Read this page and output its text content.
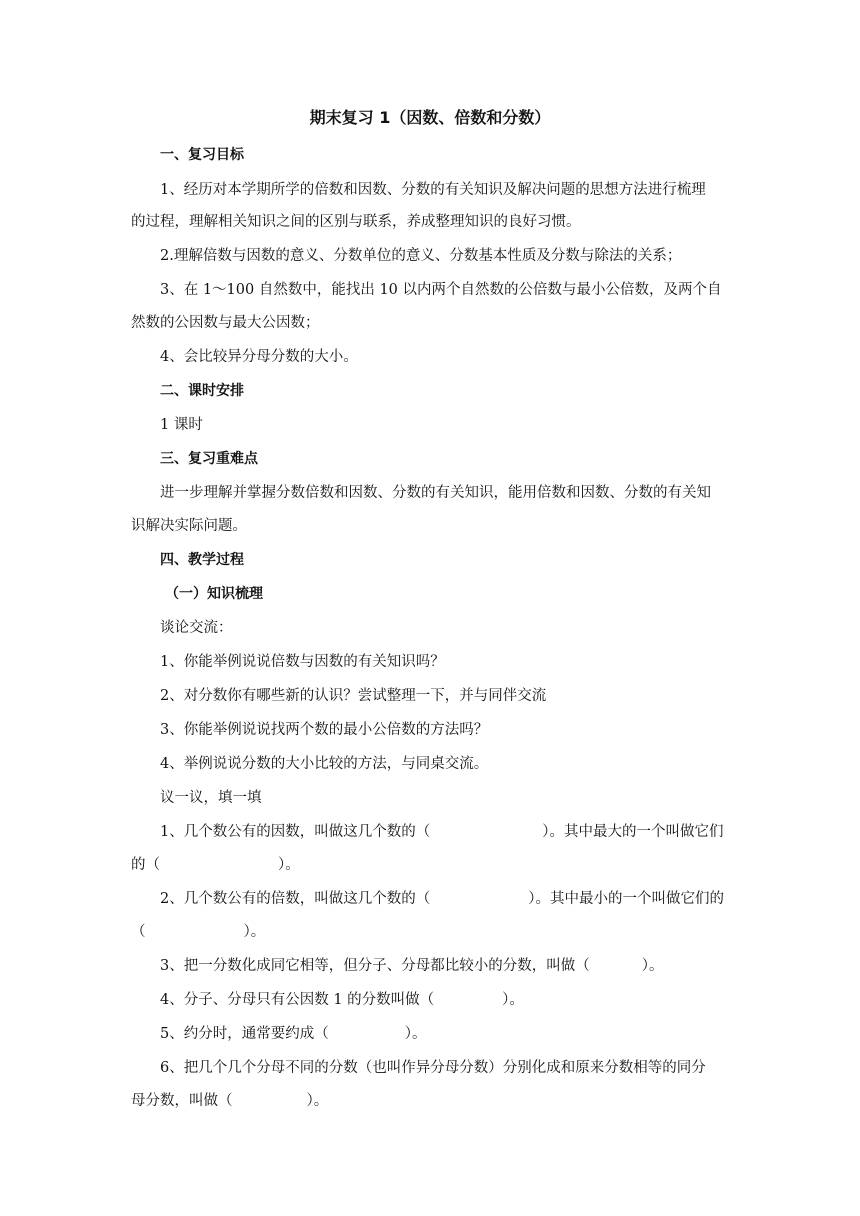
期末复习 1（因数、倍数和分数）
一、复习目标
1、经历对本学期所学的倍数和因数、分数的有关知识及解决问题的思想方法进行梳理
的过程，理解相关知识之间的区别与联系，养成整理知识的良好习惯。
2.理解倍数与因数的意义、分数单位的意义、分数基本性质及分数与除法的关系；
3、在 1～100 自然数中，能找出 10 以内两个自然数的公倍数与最小公倍数，及两个自
然数的公因数与最大公因数；
4、会比较异分母分数的大小。
二、课时安排
1 课时
三、复习重难点
进一步理解并掌握分数倍数和因数、分数的有关知识，能用倍数和因数、分数的有关知
识解决实际问题。
四、教学过程
（一）知识梳理
谈论交流：
1、你能举例说说倍数与因数的有关知识吗？
2、对分数你有哪些新的认识？尝试整理一下，并与同伴交流
3、你能举例说说找两个数的最小公倍数的方法吗？
4、举例说说分数的大小比较的方法，与同桌交流。
议一议，填一填
1、几个数公有的因数，叫做这几个数的（	）。其中最大的一个叫做它们
的（	）。
2、几个数公有的倍数，叫做这几个数的（	）。其中最小的一个叫做它们的
（	）。
3、把一分数化成同它相等，但分子、分母都比较小的分数，叫做（	）。
4、分子、分母只有公因数 1 的分数叫做（	）。
5、约分时，通常要约成（	）。
6、把几个几个分母不同的分数（也叫作异分母分数）分别化成和原来分数相等的同分
母分数，叫做（	）。
